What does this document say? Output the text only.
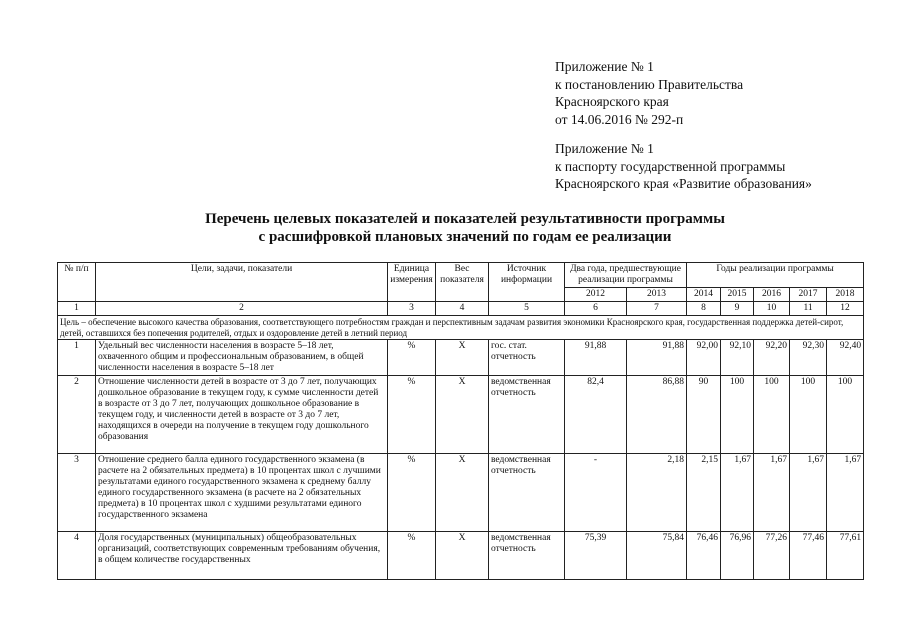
Приложение № 1
к постановлению Правительства
Красноярского края
от 14.06.2016 № 292-п
Приложение № 1
к паспорту государственной программы
Красноярского края «Развитие образования»
Перечень целевых показателей и показателей результативности программы
с расшифровкой плановых значений по годам ее реализации
№ п/п	Цели, задачи, показатели	Единица измерения	Вес показателя	Источник информации	Два года, предшествующие реализации программы		Годы реализации программы				
					2012	2013	2014	2015	2016	2017	2018
1	2	3	4	5	6	7	8	9	10	11	12
Цель – обеспечение высокого качества образования, соответствующего потребностям граждан и перспективным задачам развития экономики Красноярского края, государственная поддержка детей-сирот, детей, оставшихся без попечения родителей, отдых и оздоровление детей в летний период											
1	Удельный вес численности населения в возрасте 5–18 лет, охваченного общим и профессиональным образованием, в общей численности населения в возрасте 5–18 лет	%	Х	гос. стат. отчетность	91,88	91,88	92,00	92,10	92,20	92,30	92,40
2	Отношение численности детей в возрасте от 3 до 7 лет, получающих дошкольное образование в текущем году, к сумме численности детей в возрасте от 3 до 7 лет, получающих дошкольное образование в текущем году, и численности детей в возрасте от 3 до 7 лет, находящихся в очереди на получение в текущем году дошкольного образования	%	Х	ведомственная отчетность	82,4	86,88	90	100	100	100	100
3	Отношение среднего балла единого государственного экзамена (в расчете на 2 обязательных предмета) в 10 процентах школ с лучшими результатами единого государственного экзамена к среднему баллу единого государственного экзамена (в расчете на 2 обязательных предмета) в 10 процентах школ с худшими результатами единого государственного экзамена	%	Х	ведомственная отчетность	-	2,18	2,15	1,67	1,67	1,67	1,67
4	Доля государственных (муниципальных) общеобразовательных организаций, соответствующих современным требованиям обучения, в общем количестве государственных	%	Х	ведомственная отчетность	75,39	75,84	76,46	76,96	77,26	77,46	77,61
